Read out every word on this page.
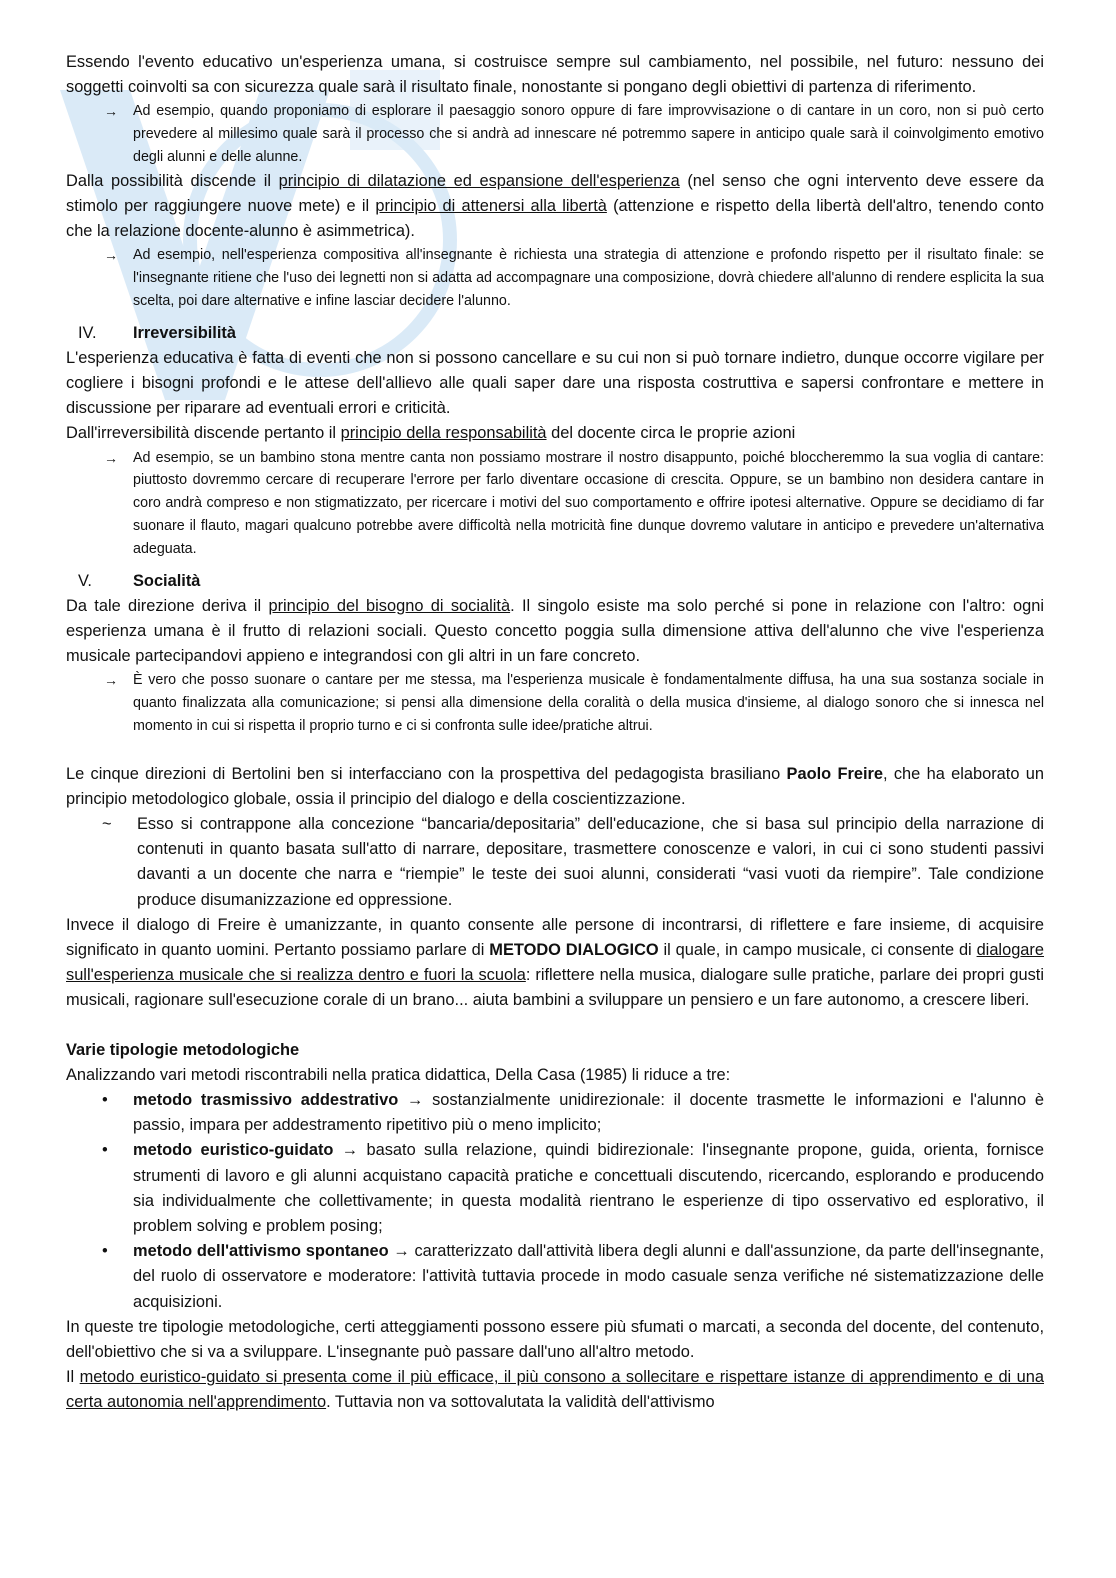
Essendo l'evento educativo un'esperienza umana, si costruisce sempre sul cambiamento, nel possibile, nel futuro: nessuno dei soggetti coinvolti sa con sicurezza quale sarà il risultato finale, nonostante si pongano degli obiettivi di partenza di riferimento.

→ Ad esempio, quando proponiamo di esplorare il paesaggio sonoro oppure di fare improvvisazione o di cantare in un coro, non si può certo prevedere al millesimo quale sarà il processo che si andrà ad innescare né potremmo sapere in anticipo quale sarà il coinvolgimento emotivo degli alunni e delle alunne.

Dalla possibilità discende il principio di dilatazione ed espansione dell'esperienza (nel senso che ogni intervento deve essere da stimolo per raggiungere nuove mete) e il principio di attenersi alla libertà (attenzione e rispetto della libertà dell'altro, tenendo conto che la relazione docente-alunno è asimmetrica).

→ Ad esempio, nell'esperienza compositiva all'insegnante è richiesta una strategia di attenzione e profondo rispetto per il risultato finale: se l'insegnante ritiene che l'uso dei legnetti non si adatta ad accompagnare una composizione, dovrà chiedere all'alunno di rendere esplicita la sua scelta, poi dare alternative e infine lasciar decidere l'alunno.
IV. Irreversibilità

L'esperienza educativa è fatta di eventi che non si possono cancellare e su cui non si può tornare indietro, dunque occorre vigilare per cogliere i bisogni profondi e le attese dell'allievo alle quali saper dare una risposta costruttiva e sapersi confrontare e mettere in discussione per riparare ad eventuali errori e criticità.

Dall'irreversibilità discende pertanto il principio della responsabilità del docente circa le proprie azioni

→ Ad esempio, se un bambino stona mentre canta non possiamo mostrare il nostro disappunto, poiché bloccheremmo la sua voglia di cantare: piuttosto dovremmo cercare di recuperare l'errore per farlo diventare occasione di crescita. Oppure, se un bambino non desidera cantare in coro andrà compreso e non stigmatizzato, per ricercare i motivi del suo comportamento e offrire ipotesi alternative. Oppure se decidiamo di far suonare il flauto, magari qualcuno potrebbe avere difficoltà nella motricità fine dunque dovremo valutare in anticipo e prevedere un'alternativa adeguata.
V.	Socialità

Da tale direzione deriva il principio del bisogno di socialità. Il singolo esiste ma solo perché si pone in relazione con l'altro: ogni esperienza umana è il frutto di relazioni sociali. Questo concetto poggia sulla dimensione attiva dell'alunno che vive l'esperienza musicale partecipandovi appieno e integrandosi con gli altri in un fare concreto.

→ È vero che posso suonare o cantare per me stessa, ma l'esperienza musicale è fondamentalmente diffusa, ha una sua sostanza sociale in quanto finalizzata alla comunicazione; si pensi alla dimensione della coralità o della musica d'insieme, al dialogo sonoro che si innesca nel momento in cui si rispetta il proprio turno e ci si confronta sulle idee/pratiche altrui.

Le cinque direzioni di Bertolini ben si interfacciano con la prospettiva del pedagogista brasiliano Paolo Freire, che ha elaborato un principio metodologico globale, ossia il principio del dialogo e della coscientizzazione.

~ Esso si contrappone alla concezione “bancaria/depositaria” dell'educazione, che si basa sul principio della narrazione di contenuti in quanto basata sull'atto di narrare, depositare, trasmettere conoscenze e valori, in cui ci sono studenti passivi davanti a un docente che narra e “riempie” le teste dei suoi alunni, considerati “vasi vuoti da riempire”. Tale condizione produce disumanizzazione ed oppressione.

Invece il dialogo di Freire è umanizzante, in quanto consente alle persone di incontrarsi, di riflettere e fare insieme, di acquisire significato in quanto uomini. Pertanto possiamo parlare di METODO DIALOGICO il quale, in campo musicale, ci consente di dialogare sull'esperienza musicale che si realizza dentro e fuori la scuola: riflettere nella musica, dialogare sulle pratiche, parlare dei propri gusti musicali, ragionare sull'esecuzione corale di un brano... aiuta bambini a sviluppare un pensiero e un fare autonomo, a crescere liberi.

Varie tipologie metodologiche

Analizzando vari metodi riscontrabili nella pratica didattica, Della Casa (1985) li riduce a tre:

• metodo trasmissivo addestrativo → sostanzialmente unidirezionale: il docente trasmette le informazioni e l'alunno è passio, impara per addestramento ripetitivo più o meno implicito;
• metodo euristico-guidato → basato sulla relazione, quindi bidirezionale: l'insegnante propone, guida, orienta, fornisce strumenti di lavoro e gli alunni acquistano capacità pratiche e concettuali discutendo, ricercando, esplorando e producendo sia individualmente che collettivamente; in questa modalità rientrano le esperienze di tipo osservativo ed esplorativo, il problem solving e problem posing;
• metodo dell'attivismo spontaneo → caratterizzato dall'attività libera degli alunni e dall'assunzione, da parte dell'insegnante, del ruolo di osservatore e moderatore: l'attività tuttavia procede in modo casuale senza verifiche né sistematizzazione delle acquisizioni.

In queste tre tipologie metodologiche, certi atteggiamenti possono essere più sfumati o marcati, a seconda del docente, del contenuto, dell'obiettivo che si va a sviluppare. L'insegnante può passare dall'uno all'altro metodo.

Il metodo euristico-guidato si presenta come il più efficace, il più consono a sollecitare e rispettare istanze di apprendimento e di una certa autonomia nell'apprendimento. Tuttavia non va sottovalutata la validità dell'attivismo
